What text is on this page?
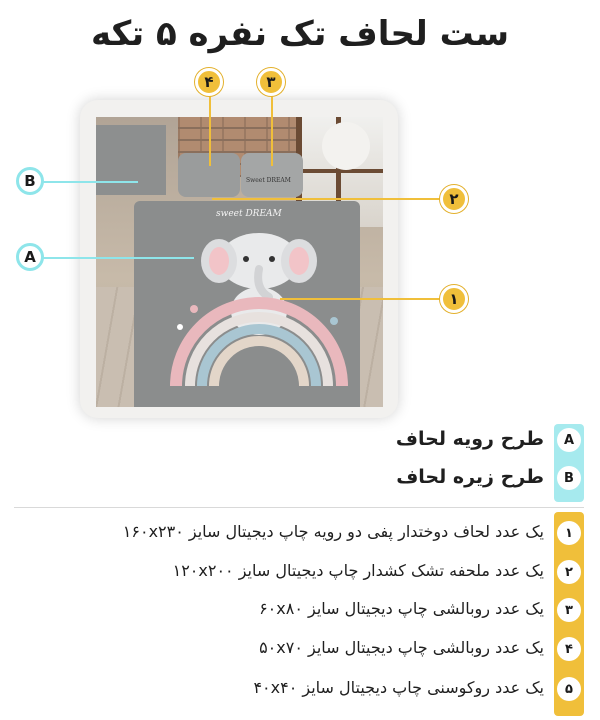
ست لحاف تک نفره ۵ تکه
Sweet DREAM
sweet DREAM
۴	۳
۲
۱
B
A
A
B
طرح رویه لحاف
طرح زیره لحاف
۱
۲
۳
۴
۵
یک عدد لحاف دوختدار پفی دو رویه چاپ دیجیتال سایز ۱۶۰x۲۳۰
یک عدد ملحفه تشک کشدار چاپ دیجیتال سایز ۱۲۰x۲۰۰
یک عدد روبالشی چاپ دیجیتال سایز ۶۰x۸۰
یک عدد روبالشی چاپ دیجیتال سایز ۵۰x۷۰
یک عدد روکوسنی چاپ دیجیتال سایز ۴۰x۴۰
